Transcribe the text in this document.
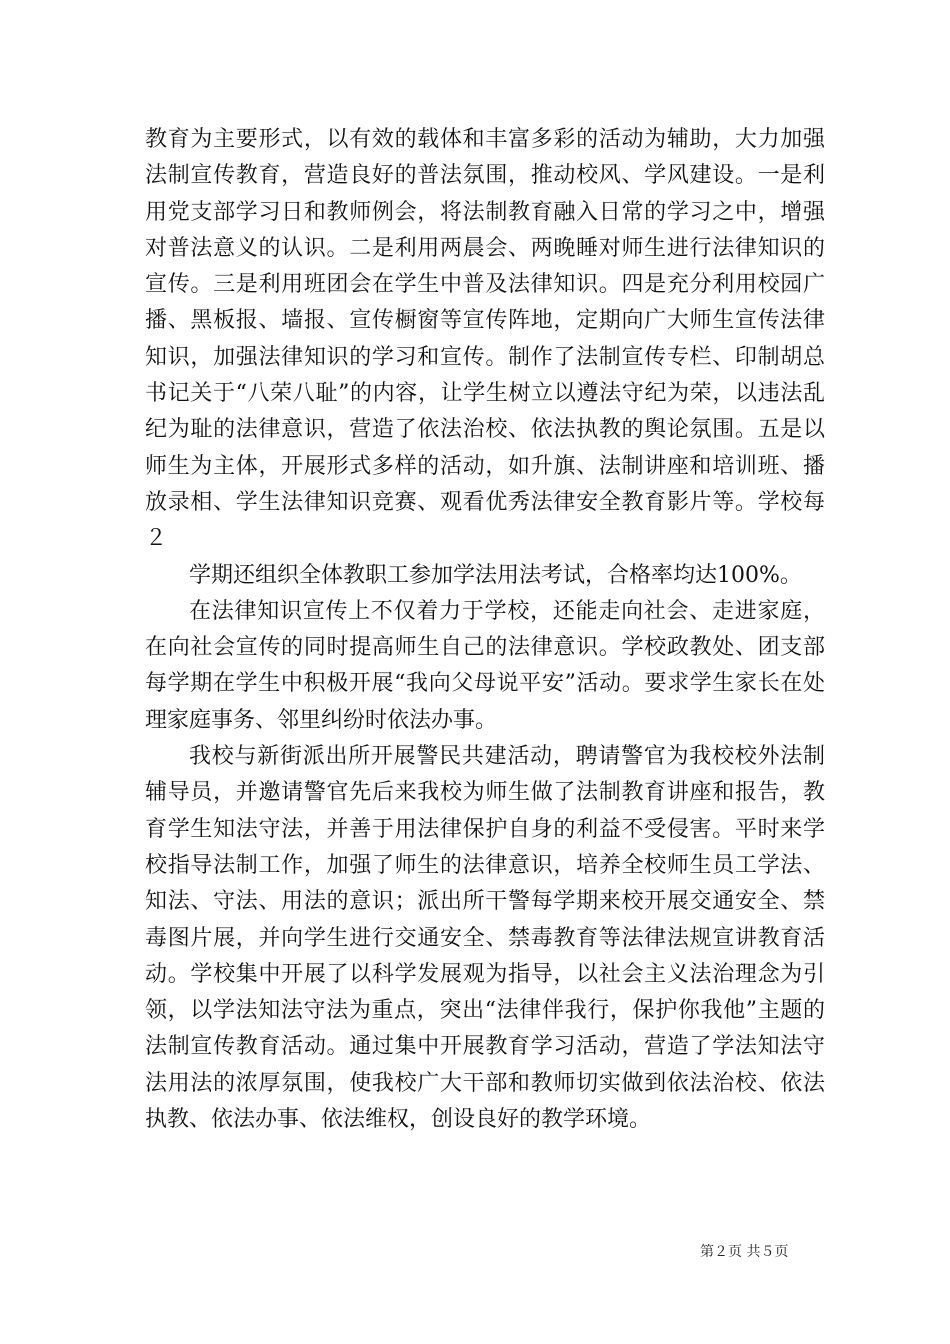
教育为主要形式，以有效的载体和丰富多彩的活动为辅助，大力加强法制宣传教育，营造良好的普法氛围，推动校风、学风建设。一是利用党支部学习日和教师例会，将法制教育融入日常的学习之中，增强对普法意义的认识。二是利用两晨会、两晚睡对师生进行法律知识的宣传。三是利用班团会在学生中普及法律知识。四是充分利用校园广播、黑板报、墙报、宣传橱窗等宣传阵地，定期向广大师生宣传法律知识，加强法律知识的学习和宣传。制作了法制宣传专栏、印制胡总书记关于“八荣八耻”的内容，让学生树立以遵法守纪为荣，以违法乱纪为耻的法律意识，营造了依法治校、依法执教的舆论氛围。五是以师生为主体，开展形式多样的活动，如升旗、法制讲座和培训班、播放录相、学生法律知识竞赛、观看优秀法律安全教育影片等。学校每２

学期还组织全体教职工参加学法用法考试，合格率均达100%。

在法律知识宣传上不仅着力于学校，还能走向社会、走进家庭，在向社会宣传的同时提高师生自己的法律意识。学校政教处、团支部每学期在学生中积极开展“我向父母说平安”活动。要求学生家长在处理家庭事务、邻里纠纷时依法办事。

我校与新街派出所开展警民共建活动，聘请警官为我校校外法制辅导员，并邀请警官先后来我校为师生做了法制教育讲座和报告，教育学生知法守法，并善于用法律保护自身的利益不受侵害。平时来学校指导法制工作，加强了师生的法律意识，培养全校师生员工学法、知法、守法、用法的意识；派出所干警每学期来校开展交通安全、禁毒图片展，并向学生进行交通安全、禁毒教育等法律法规宣讲教育活动。学校集中开展了以科学发展观为指导，以社会主义法治理念为引领，以学法知法守法为重点，突出“法律伴我行，保护你我他”主题的法制宣传教育活动。通过集中开展教育学习活动，营造了学法知法守法用法的浓厚氛围，使我校广大干部和教师切实做到依法治校、依法执教、依法办事、依法维权，创设良好的教学环境。

第２页 共５页
